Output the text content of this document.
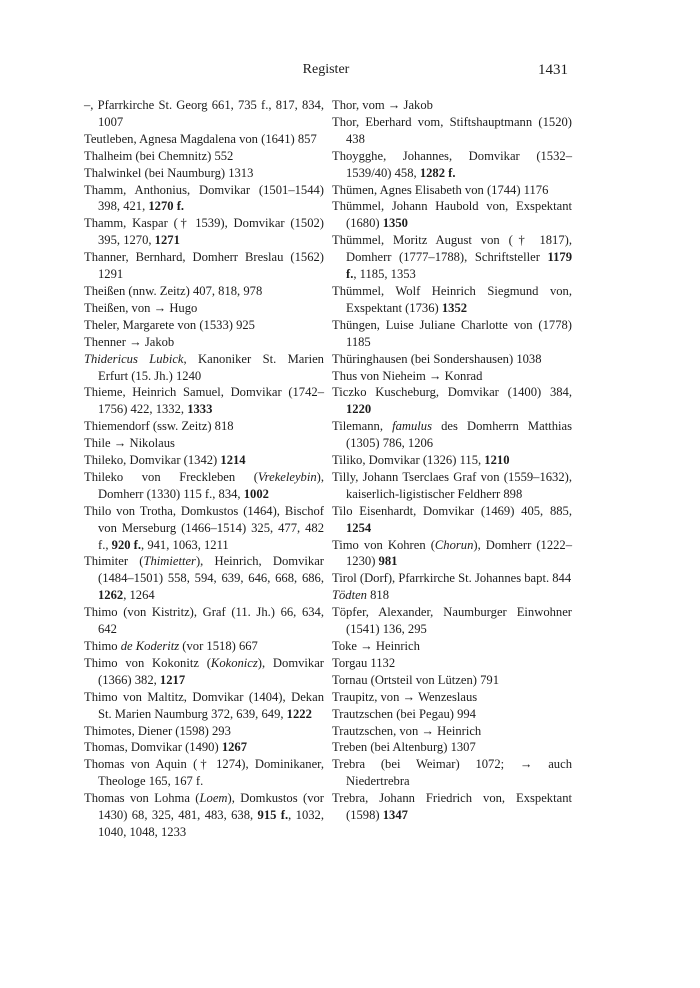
Register	1431

–, Pfarrkirche St. Georg 661, 735 f., 817, 834, 1007

Teutleben, Agnesa Magdalena von (1641) 857

Thalheim (bei Chemnitz) 552

Thalwinkel (bei Naumburg) 1313

Thamm, Anthonius, Domvikar (1501–1544) 398, 421, 1270 f.

Thamm, Kaspar († 1539), Domvikar (1502) 395, 1270, 1271

Thanner, Bernhard, Domherr Breslau (1562) 1291

Theißen (nnw. Zeitz) 407, 818, 978

Theißen, von → Hugo

Theler, Margarete von (1533) 925

Thenner → Jakob

Thidericus Lubick, Kanoniker St. Marien Erfurt (15. Jh.) 1240

Thieme, Heinrich Samuel, Domvikar (1742–1756) 422, 1332, 1333

Thiemendorf (ssw. Zeitz) 818

Thile → Nikolaus

Thileko, Domvikar (1342) 1214

Thileko von Freckleben (Vrekeleybin), Domherr (1330) 115 f., 834, 1002

Thilo von Trotha, Domkustos (1464), Bischof von Merseburg (1466–1514) 325, 477, 482 f., 920 f., 941, 1063, 1211

Thimiter (Thimietter), Heinrich, Domvikar (1484–1501) 558, 594, 639, 646, 668, 686, 1262, 1264

Thimo (von Kistritz), Graf (11. Jh.) 66, 634, 642

Thimo de Koderitz (vor 1518) 667

Thimo von Kokonitz (Kokonicz), Domvikar (1366) 382, 1217

Thimo von Maltitz, Domvikar (1404), Dekan St. Marien Naumburg 372, 639, 649, 1222

Thimotes, Diener (1598) 293

Thomas, Domvikar (1490) 1267

Thomas von Aquin († 1274), Dominikaner, Theologe 165, 167 f.

Thomas von Lohma (Loem), Domkustos (vor 1430) 68, 325, 481, 483, 638, 915 f., 1032, 1040, 1048, 1233

Thor, vom → Jakob

Thor, Eberhard vom, Stiftshauptmann (1520) 438

Thoygghe, Johannes, Domvikar (1532–1539/40) 458, 1282 f.

Thümen, Agnes Elisabeth von (1744) 1176

Thümmel, Johann Haubold von, Exspektant (1680) 1350

Thümmel, Moritz August von († 1817), Domherr (1777–1788), Schriftsteller 1179 f., 1185, 1353

Thümmel, Wolf Heinrich Siegmund von, Exspektant (1736) 1352

Thüngen, Luise Juliane Charlotte von (1778) 1185

Thüringhausen (bei Sondershausen) 1038

Thus von Nieheim → Konrad

Ticzko Kuscheburg, Domvikar (1400) 384, 1220

Tilemann, famulus des Domherrn Matthias (1305) 786, 1206

Tiliko, Domvikar (1326) 115, 1210

Tilly, Johann Tserclaes Graf von (1559–1632), kaiserlich-ligistischer Feldherr 898

Tilo Eisenhardt, Domvikar (1469) 405, 885, 1254

Timo von Kohren (Chorun), Domherr (1222–1230) 981

Tirol (Dorf), Pfarrkirche St. Johannes bapt. 844

Tödten 818

Töpfer, Alexander, Naumburger Einwohner (1541) 136, 295

Toke → Heinrich

Torgau 1132

Tornau (Ortsteil von Lützen) 791

Traupitz, von → Wenzeslaus

Trautzschen (bei Pegau) 994

Trautzschen, von → Heinrich

Treben (bei Altenburg) 1307

Trebra (bei Weimar) 1072; → auch Niedertrebra

Trebra, Johann Friedrich von, Exspektant (1598) 1347
